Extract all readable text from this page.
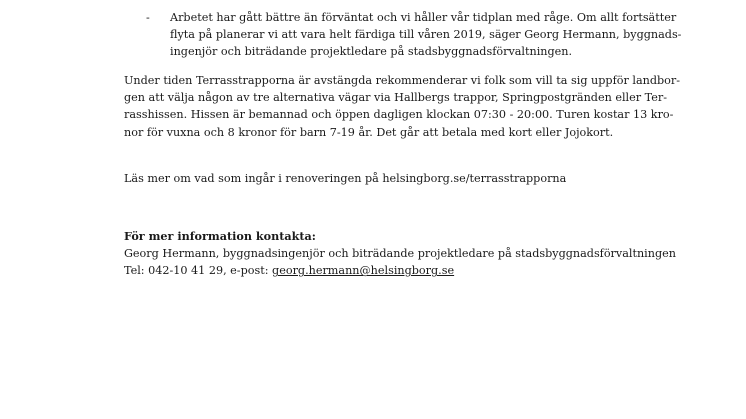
- Arbetet har gått bättre än förväntat och vi håller vår tidplan med råge. Om allt fortsätter
flyta på planerar vi att vara helt färdiga till våren 2019, säger Georg Hermann, byggnads-
ingenjör och biträdande projektledare på stadsbyggnadsförvaltningen.
Under tiden Terrasstrapporna är avstängda rekommenderar vi folk som vill ta sig uppför landbor-
gen att välja någon av tre alternativa vägar via Hallbergs trappor, Springpostgränden eller Ter-
rasshissen. Hissen är bemannad och öppen dagligen klockan 07:30 - 20:00. Turen kostar 13 kro-
nor för vuxna och 8 kronor för barn 7-19 år. Det går att betala med kort eller Jojokort.
Läs mer om vad som ingår i renoveringen på helsingborg.se/terrasstrapporna
För mer information kontakta:
Georg Hermann, byggnadsingenjör och biträdande projektledare på stadsbyggnadsförvaltningen
Tel: 042-10 41 29, e-post: georg.hermann@helsingborg.se
